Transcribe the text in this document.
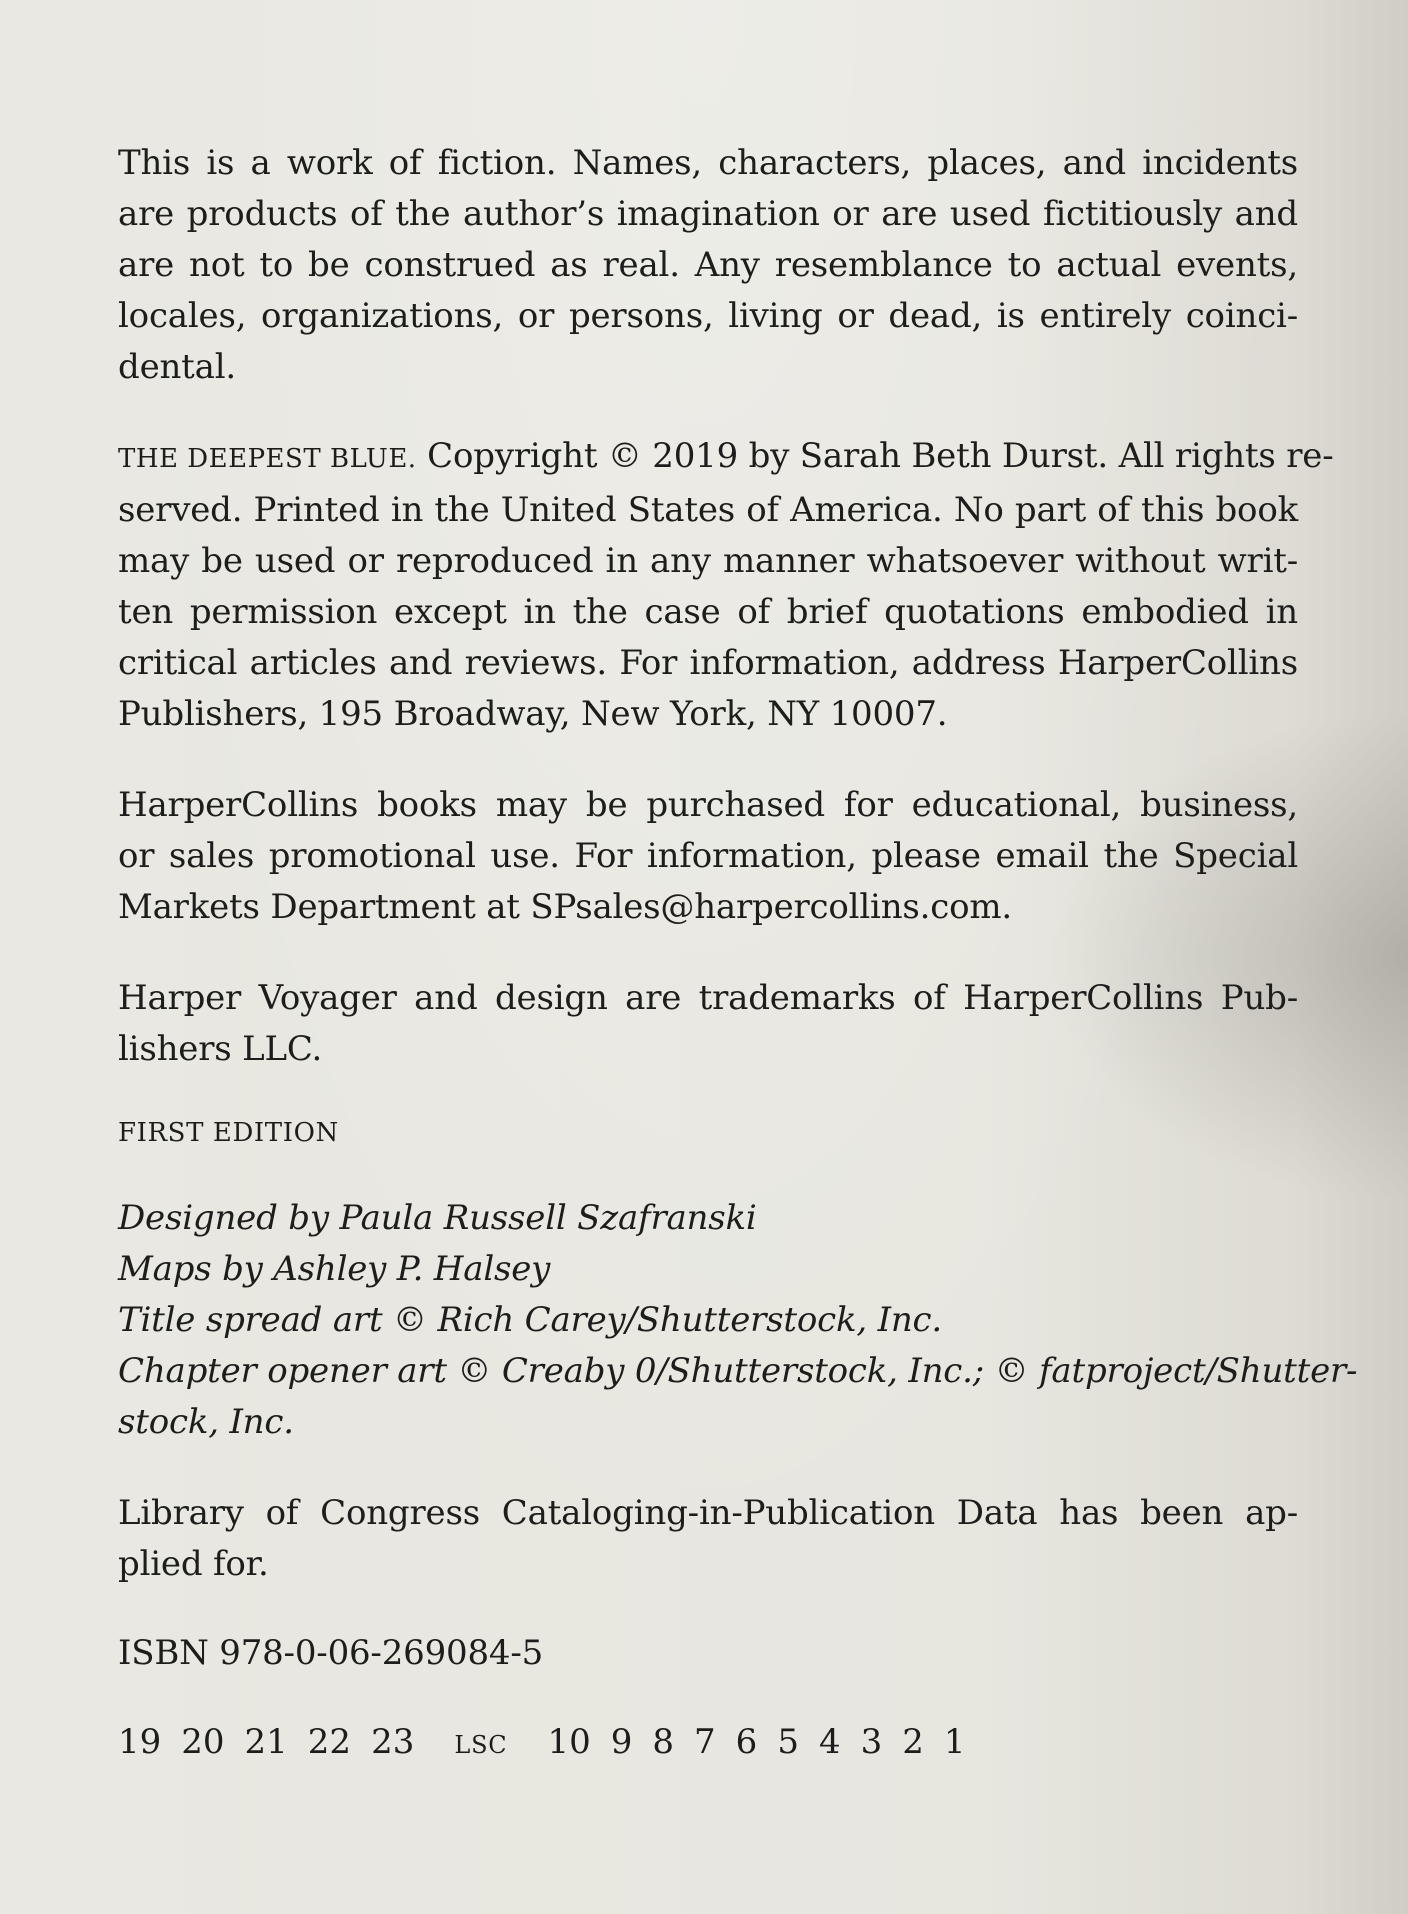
This is a work of fiction. Names, characters, places, and incidents
are products of the author’s imagination or are used fictitiously and
are not to be construed as real. Any resemblance to actual events,
locales, organizations, or persons, living or dead, is entirely coinci-
dental.

THE DEEPEST BLUE. Copyright © 2019 by Sarah Beth Durst. All rights re-
served. Printed in the United States of America. No part of this book
may be used or reproduced in any manner whatsoever without writ-
ten permission except in the case of brief quotations embodied in
critical articles and reviews. For information, address HarperCollins
Publishers, 195 Broadway, New York, NY 10007.

HarperCollins books may be purchased for educational, business,
or sales promotional use. For information, please email the Special
Markets Department at SPsales@harpercollins.com.

Harper Voyager and design are trademarks of HarperCollins Pub-
lishers LLC.

FIRST EDITION

Designed by Paula Russell Szafranski
Maps by Ashley P. Halsey
Title spread art © Rich Carey/Shutterstock, Inc.
Chapter opener art © Creaby 0/Shutterstock, Inc.; © fatproject/Shutter-
stock, Inc.

Library of Congress Cataloging-in-Publication Data has been ap-
plied for.

ISBN 978-0-06-269084-5

19 20 21 22 23 LSC 10 9 8 7 6 5 4 3 2 1
